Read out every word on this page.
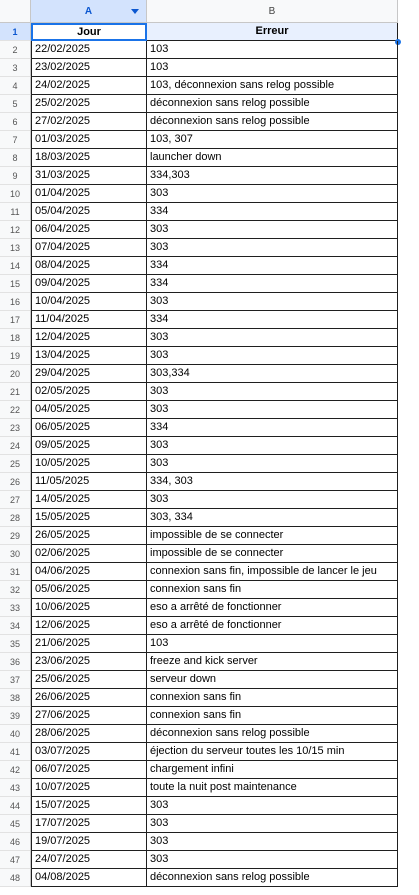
A	B
1	Jour	Erreur
2	22/02/2025	103
3	23/02/2025	103
4	24/02/2025	103, déconnexion sans relog possible
5	25/02/2025	déconnexion sans relog possible
6	27/02/2025	déconnexion sans relog possible
7	01/03/2025	103, 307
8	18/03/2025	launcher down
9	31/03/2025	334,303
10	01/04/2025	303
11	05/04/2025	334
12	06/04/2025	303
13	07/04/2025	303
14	08/04/2025	334
15	09/04/2025	334
16	10/04/2025	303
17	11/04/2025	334
18	12/04/2025	303
19	13/04/2025	303
20	29/04/2025	303,334
21	02/05/2025	303
22	04/05/2025	303
23	06/05/2025	334
24	09/05/2025	303
25	10/05/2025	303
26	11/05/2025	334, 303
27	14/05/2025	303
28	15/05/2025	303, 334
29	26/05/2025	impossible de se connecter
30	02/06/2025	impossible de se connecter
31	04/06/2025	connexion sans fin, impossible de lancer le jeu
32	05/06/2025	connexion sans fin
33	10/06/2025	eso a arrêté de fonctionner
34	12/06/2025	eso a arrêté de fonctionner
35	21/06/2025	103
36	23/06/2025	freeze and kick server
37	25/06/2025	serveur down
38	26/06/2025	connexion sans fin
39	27/06/2025	connexion sans fin
40	28/06/2025	déconnexion sans relog possible
41	03/07/2025	éjection du serveur toutes les 10/15 min
42	06/07/2025	chargement infini
43	10/07/2025	toute la nuit post maintenance
44	15/07/2025	303
45	17/07/2025	303
46	19/07/2025	303
47	24/07/2025	303
48	04/08/2025	déconnexion sans relog possible
